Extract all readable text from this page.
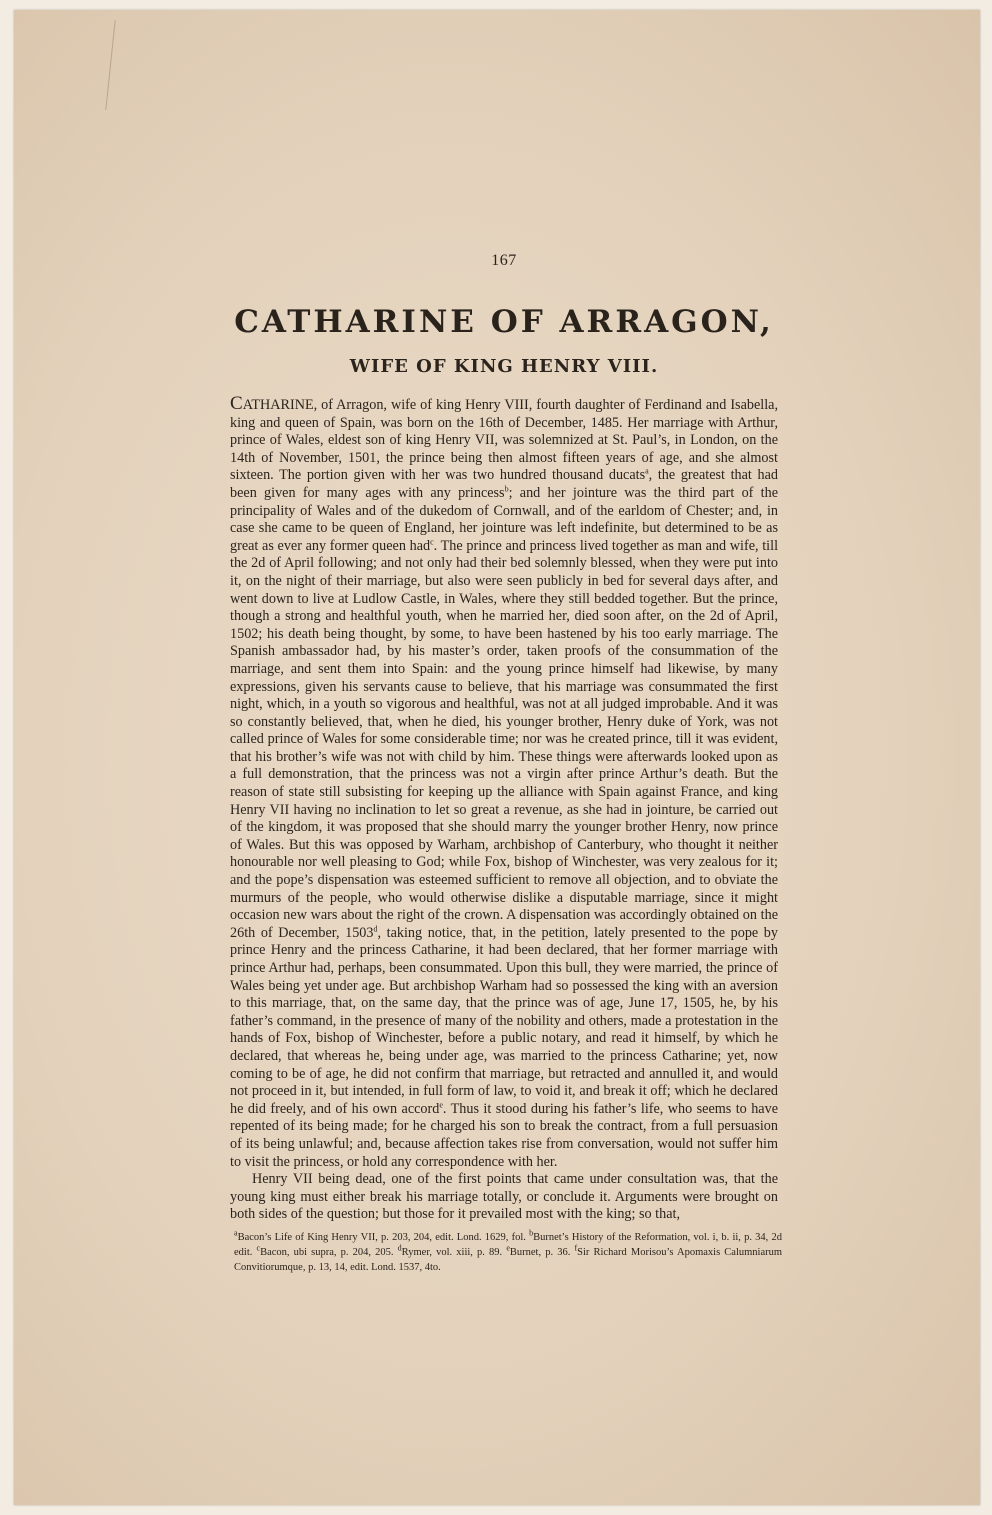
167
CATHARINE OF ARRAGON,
WIFE OF KING HENRY VIII.

CATHARINE, of Arragon, wife of king Henry VIII, fourth daughter of Ferdinand and Isabella, king and queen of Spain, was born on the 16th of December, 1485. Her marriage with Arthur, prince of Wales, eldest son of king Henry VII, was solemnized at St. Paul’s, in London, on the 14th of November, 1501, the prince being then almost fifteen years of age, and she almost sixteen. The portion given with her was two hundred thousand ducats$^a$, the greatest that had been given for many ages with any princess$^b$; and her jointure was the third part of the principality of Wales and of the dukedom of Cornwall, and of the earldom of Chester; and, in case she came to be queen of England, her jointure was left indefinite, but determined to be as great as ever any former queen had$^c$. The prince and princess lived together as man and wife, till the 2d of April following; and not only had their bed solemnly blessed, when they were put into it, on the night of their marriage, but also were seen publicly in bed for several days after, and went down to live at Ludlow Castle, in Wales, where they still bedded together. But the prince, though a strong and healthful youth, when he married her, died soon after, on the 2d of April, 1502; his death being thought, by some, to have been hastened by his too early marriage. The Spanish ambassador had, by his master’s order, taken proofs of the consummation of the marriage, and sent them into Spain: and the young prince himself had likewise, by many expressions, given his servants cause to believe, that his marriage was consummated the first night, which, in a youth so vigorous and healthful, was not at all judged improbable. And it was so constantly believed, that, when he died, his younger brother, Henry duke of York, was not called prince of Wales for some considerable time; nor was he created prince, till it was evident, that his brother’s wife was not with child by him. These things were afterwards looked upon as a full demonstration, that the princess was not a virgin after prince Arthur’s death. But the reason of state still subsisting for keeping up the alliance with Spain against France, and king Henry VII having no inclination to let so great a revenue, as she had in jointure, be carried out of the kingdom, it was proposed that she should marry the younger brother Henry, now prince of Wales. But this was opposed by Warham, archbishop of Canterbury, who thought it neither honourable nor well pleasing to God; while Fox, bishop of Winchester, was very zealous for it; and the pope’s dispensation was esteemed sufficient to remove all objection, and to obviate the murmurs of the people, who would otherwise dislike a disputable marriage, since it might occasion new wars about the right of the crown. A dispensation was accordingly obtained on the 26th of December, 1503$^d$, taking notice, that, in the petition, lately presented to the pope by prince Henry and the princess Catharine, it had been declared, that her former marriage with prince Arthur had, perhaps, been consummated. Upon this bull, they were married, the prince of Wales being yet under age. But archbishop Warham had so possessed the king with an aversion to this marriage, that, on the same day, that the prince was of age, June 17, 1505, he, by his father’s command, in the presence of many of the nobility and others, made a protestation in the hands of Fox, bishop of Winchester, before a public notary, and read it himself, by which he declared, that whereas he, being under age, was married to the princess Catharine; yet, now coming to be of age, he did not confirm that marriage, but retracted and annulled it, and would not proceed in it, but intended, in full form of law, to void it, and break it off; which he declared he did freely, and of his own accord$^e$. Thus it stood during his father’s life, who seems to have repented of its being made; for he charged his son to break the contract, from a full persuasion of its being unlawful; and, because affection takes rise from conversation, would not suffer him to visit the princess, or hold any correspondence with her.

Henry VII being dead, one of the first points that came under consultation was, that the young king must either break his marriage totally, or conclude it. Arguments were brought on both sides of the question; but those for it prevailed most with the king; so that,

$^a$Bacon’s Life of King Henry VII, p. 203, 204, edit. Lond. 1629, fol. $^b$Burnet’s History of the Reformation, vol. i, b. ii, p. 34, 2d edit. $^c$Bacon, ubi supra, p. 204, 205. $^d$Rymer, vol. xiii, p. 89. $^e$Burnet, p. 36. $^f$Sir Richard Morisou’s Apomaxis Calumniarum Convitiorumque, p. 13, 14, edit. Lond. 1537, 4to.
